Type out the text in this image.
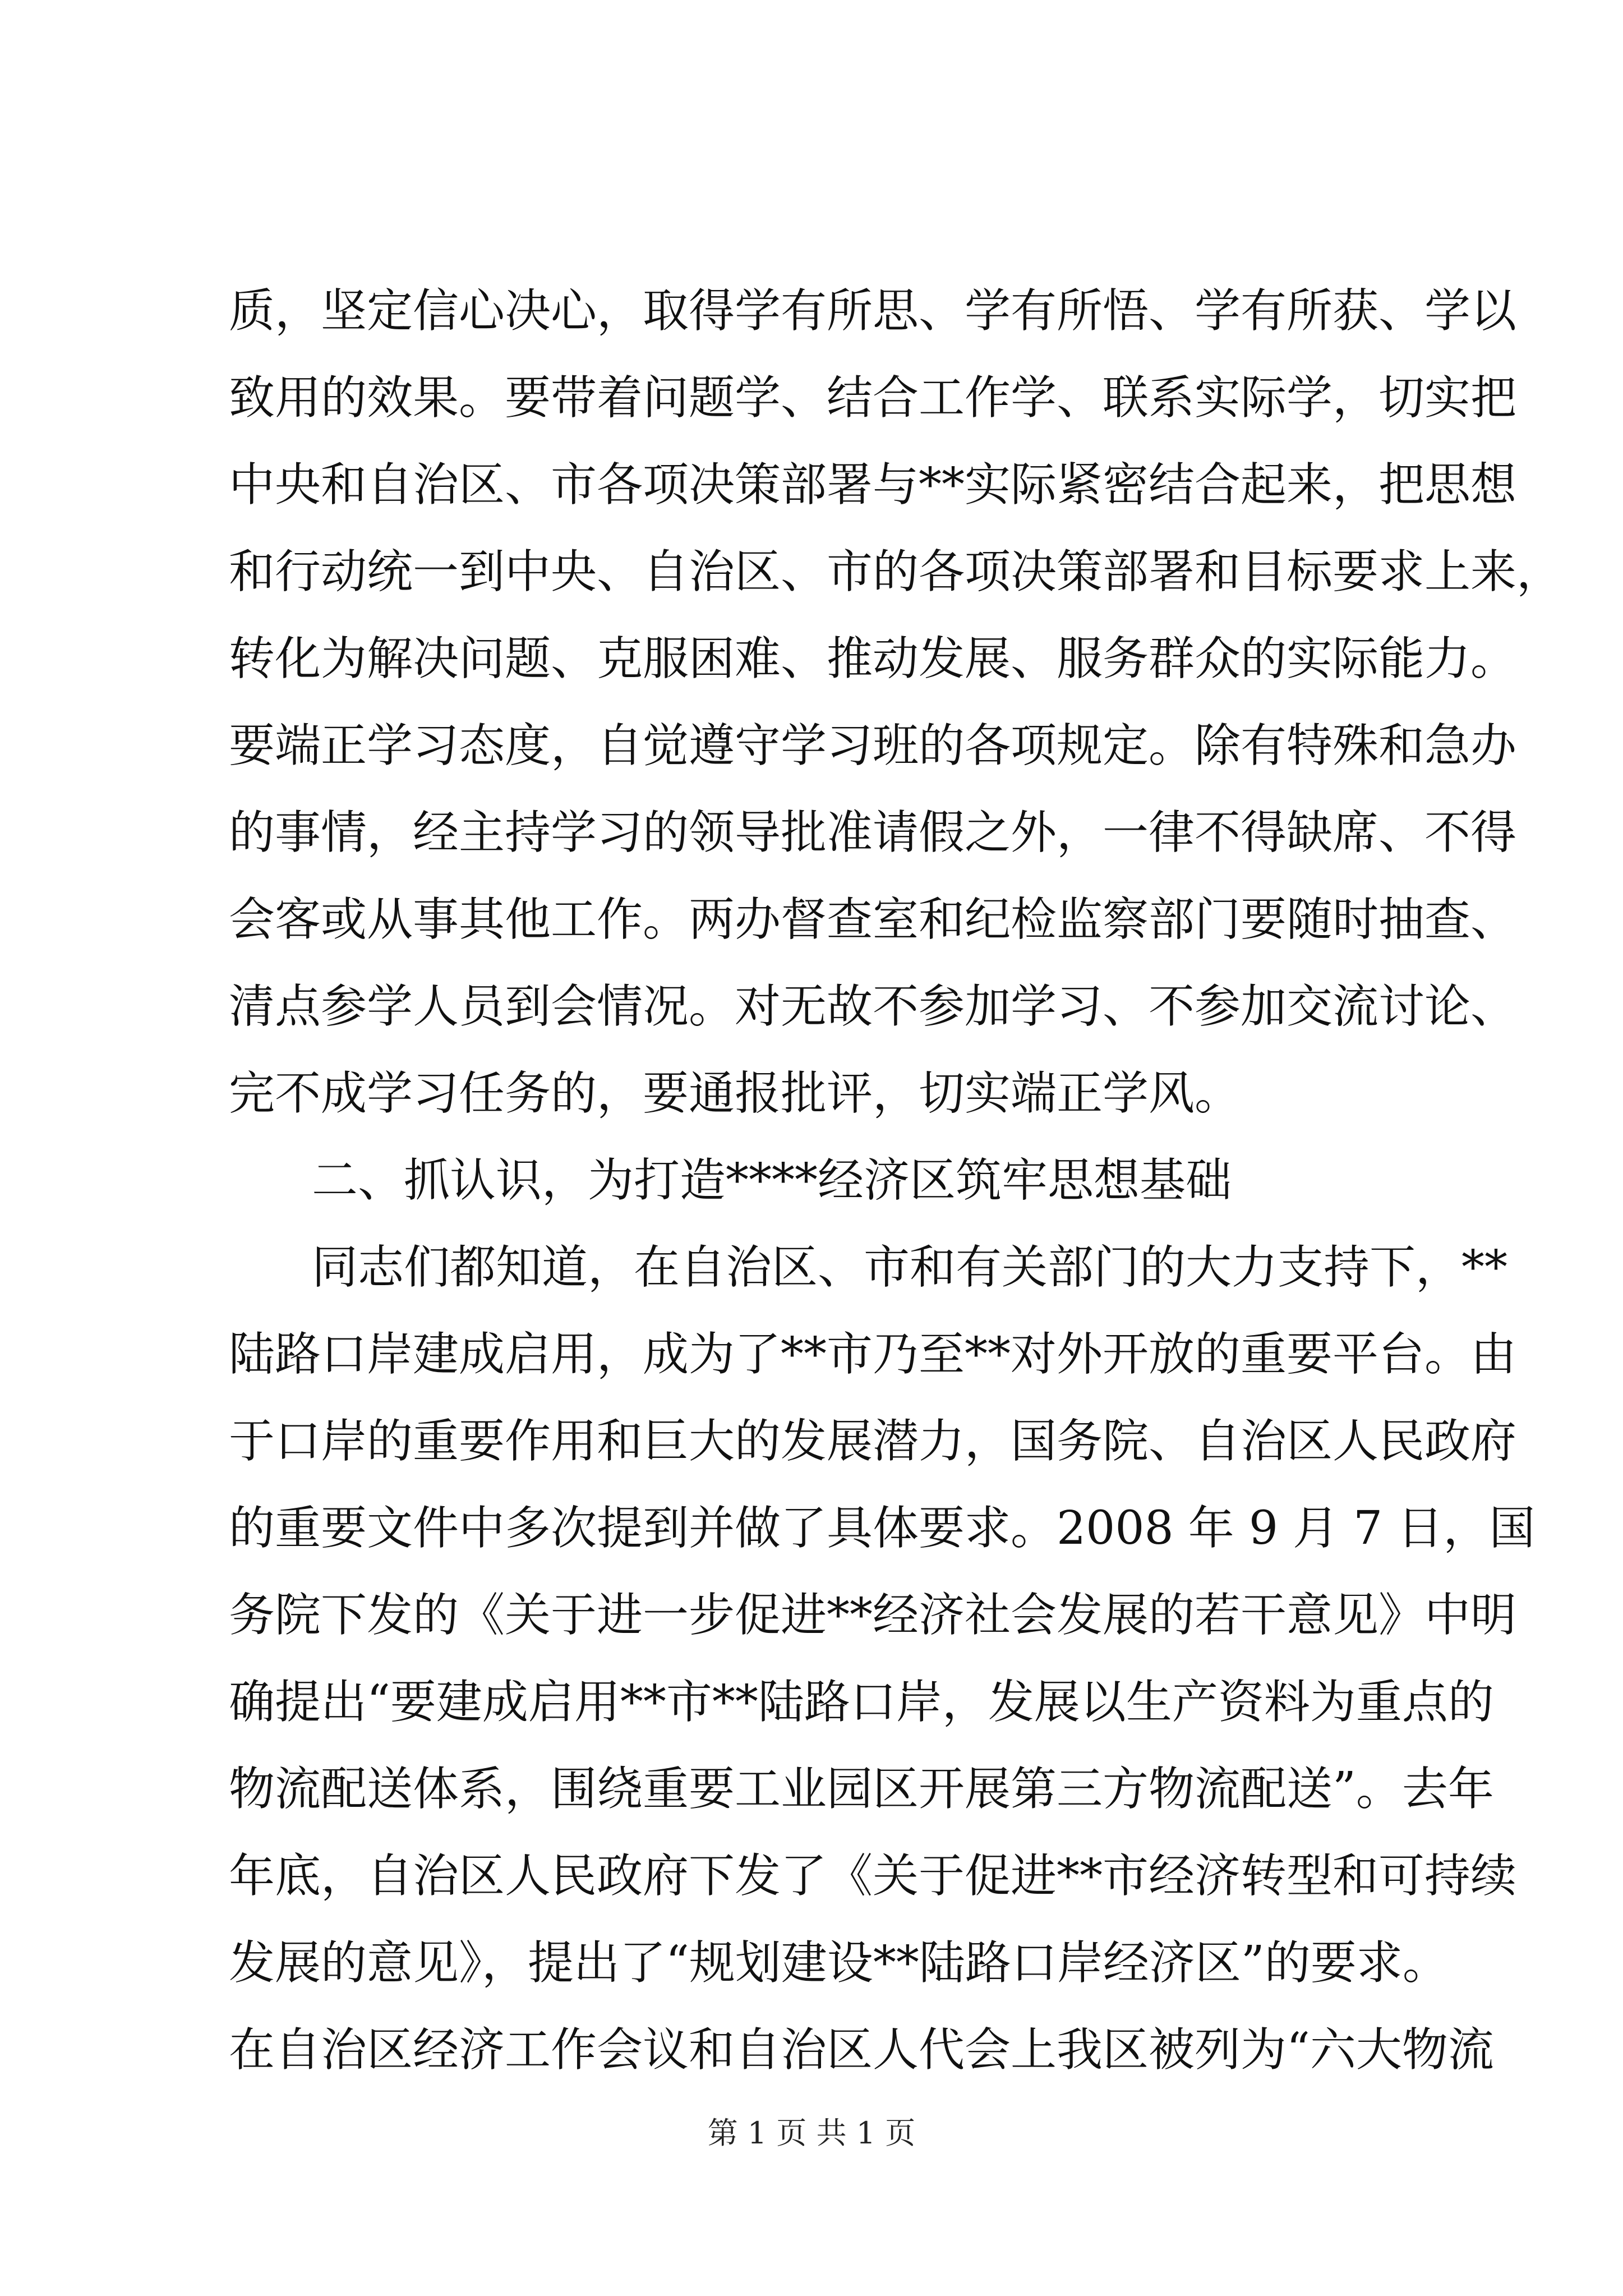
质，坚定信心决心，取得学有所思、学有所悟、学有所获、学以
致用的效果。要带着问题学、结合工作学、联系实际学，切实把
中央和自治区、市各项决策部署与**实际紧密结合起来，把思想
和行动统一到中央、自治区、市的各项决策部署和目标要求上来，
转化为解决问题、克服困难、推动发展、服务群众的实际能力。
要端正学习态度，自觉遵守学习班的各项规定。除有特殊和急办
的事情，经主持学习的领导批准请假之外，一律不得缺席、不得
会客或从事其他工作。两办督查室和纪检监察部门要随时抽查、
清点参学人员到会情况。对无故不参加学习、不参加交流讨论、
完不成学习任务的，要通报批评，切实端正学风。
二、抓认识，为打造****经济区筑牢思想基础
同志们都知道，在自治区、市和有关部门的大力支持下，**
陆路口岸建成启用，成为了**市乃至**对外开放的重要平台。由
于口岸的重要作用和巨大的发展潜力，国务院、自治区人民政府
的重要文件中多次提到并做了具体要求。2008 年 9 月 7 日，国
务院下发的《关于进一步促进**经济社会发展的若干意见》中明
确提出“要建成启用**市**陆路口岸，发展以生产资料为重点的
物流配送体系，围绕重要工业园区开展第三方物流配送”。去年
年底，自治区人民政府下发了《关于促进**市经济转型和可持续
发展的意见》，提出了“规划建设**陆路口岸经济区”的要求。
在自治区经济工作会议和自治区人代会上我区被列为“六大物流
第 1 页 共 1 页
